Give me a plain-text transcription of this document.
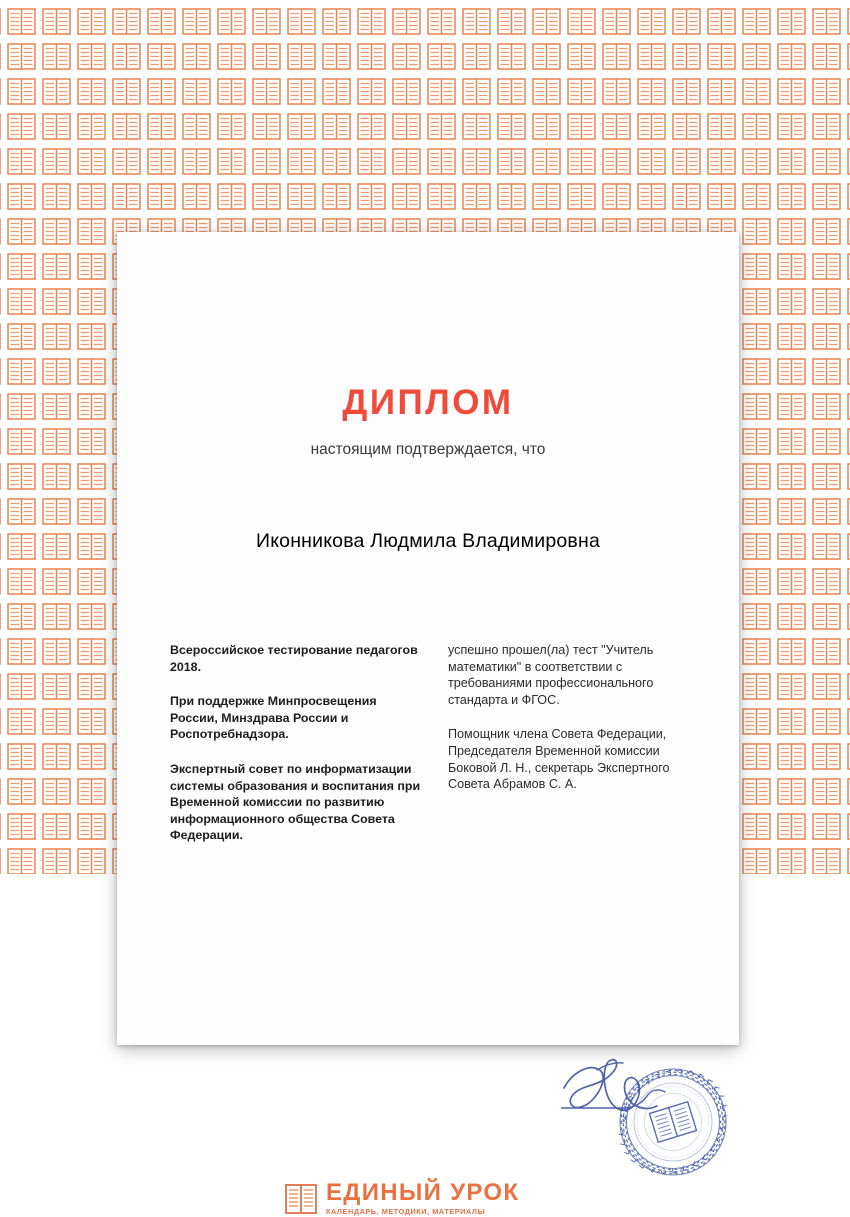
ДИПЛОМ
настоящим подтверждается, что
Иконникова Людмила Владимировна

Всероссийское тестирование педагогов 2018.

При поддержке Минпросвещения России, Минздрава России и Роспотребнадзора.

Экспертный совет по информатизации системы образования и воспитания при Временной комиссии по развитию информационного общества Совета Федерации.

успешно прошел(ла) тест "Учитель математики" в соответствии с требованиями профессионального стандарта и ФГОС.

Помощник члена Совета Федерации, Председателя Временной комиссии Боковой Л. Н., секретарь Экспертного Совета Абрамов С. А.

ЕДИНЫЙ УРОК
КАЛЕНДАРЬ, МЕТОДИКИ, МАТЕРИАЛЫ
